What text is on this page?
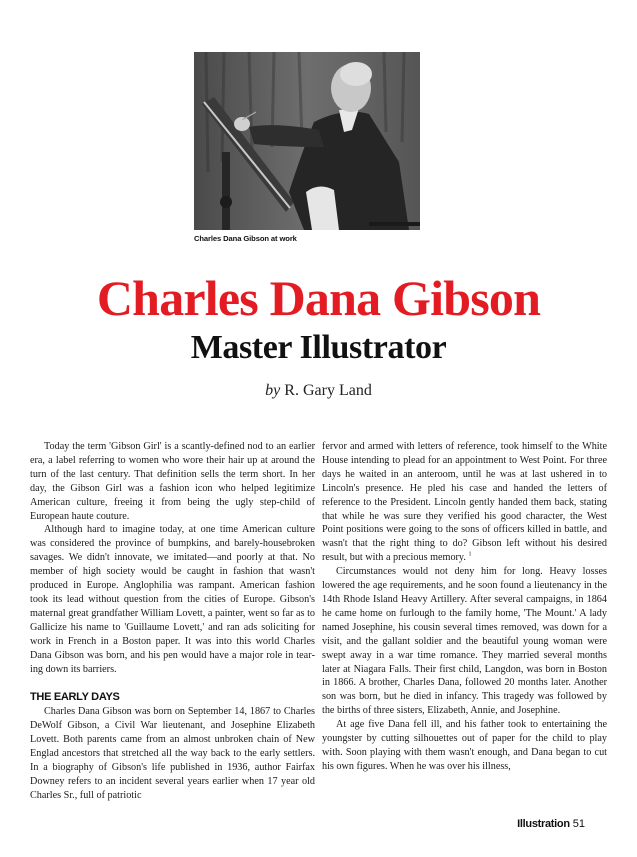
Charles Dana Gibson at work
Charles Dana Gibson
Master Illustrator
by R. Gary Land

Today the term 'Gibson Girl' is a scantly-defined nod to an earlier era, a label referring to women who wore their hair up at around the turn of the last century. That definition sells the term short. In her day, the Gibson Girl was a fashion icon who helped legitimize American culture, freeing it from being the ugly step-child of European haute couture.

Although hard to imagine today, at one time American culture was considered the province of bumpkins, and barely-housebroken savages. We didn't innovate, we imitated—and poorly at that. No member of high society would be caught in fashion that wasn't produced in Europe. Anglophilia was rampant. American fashion took its lead without question from the cities of Europe. Gibson's maternal great grandfather William Lovett, a painter, went so far as to Gallicize his name to 'Guillaume Lovett,' and ran ads soliciting for work in French in a Boston paper. It was into this world Charles Dana Gibson was born, and his pen would have a major role in tearing down its barriers.

THE EARLY DAYS

Charles Dana Gibson was born on September 14, 1867 to Charles DeWolf Gibson, a Civil War lieutenant, and Josephine Elizabeth Lovett. Both parents came from an almost unbroken chain of New Englad ancestors that stretched all the way back to the early settlers. In a biography of Gibson's life published in 1936, author Fairfax Downey refers to an incident several years earlier when 17 year old Charles Sr., full of patriotic

fervor and armed with letters of reference, took himself to the White House intending to plead for an appointment to West Point. For three days he waited in an anteroom, until he was at last ushered in to Lincoln's presence. He pled his case and handed the letters of reference to the President. Lincoln gently handed them back, stating that while he was sure they verified his good character, the West Point positions were going to the sons of officers killed in battle, and wasn't that the right thing to do? Gibson left without his desired result, but with a precious memory. $^1$

Circumstances would not deny him for long. Heavy losses lowered the age requirements, and he soon found a lieutenancy in the 14th Rhode Island Heavy Artillery. After several campaigns, in 1864 he came home on furlough to the family home, 'The Mount.' A lady named Josephine, his cousin several times removed, was down for a visit, and the gallant soldier and the beautiful young woman were swept away in a war time romance. They married several months later at Niagara Falls. Their first child, Langdon, was born in Boston in 1866. A brother, Charles Dana, followed 20 months later. Another son was born, but he died in infancy. This tragedy was followed by the births of three sisters, Elizabeth, Annie, and Josephine.

At age five Dana fell ill, and his father took to entertaining the youngster by cutting silhouettes out of paper for the child to play with. Soon playing with them wasn't enough, and Dana began to cut his own figures. When he was over his illness,

Illustration 51
